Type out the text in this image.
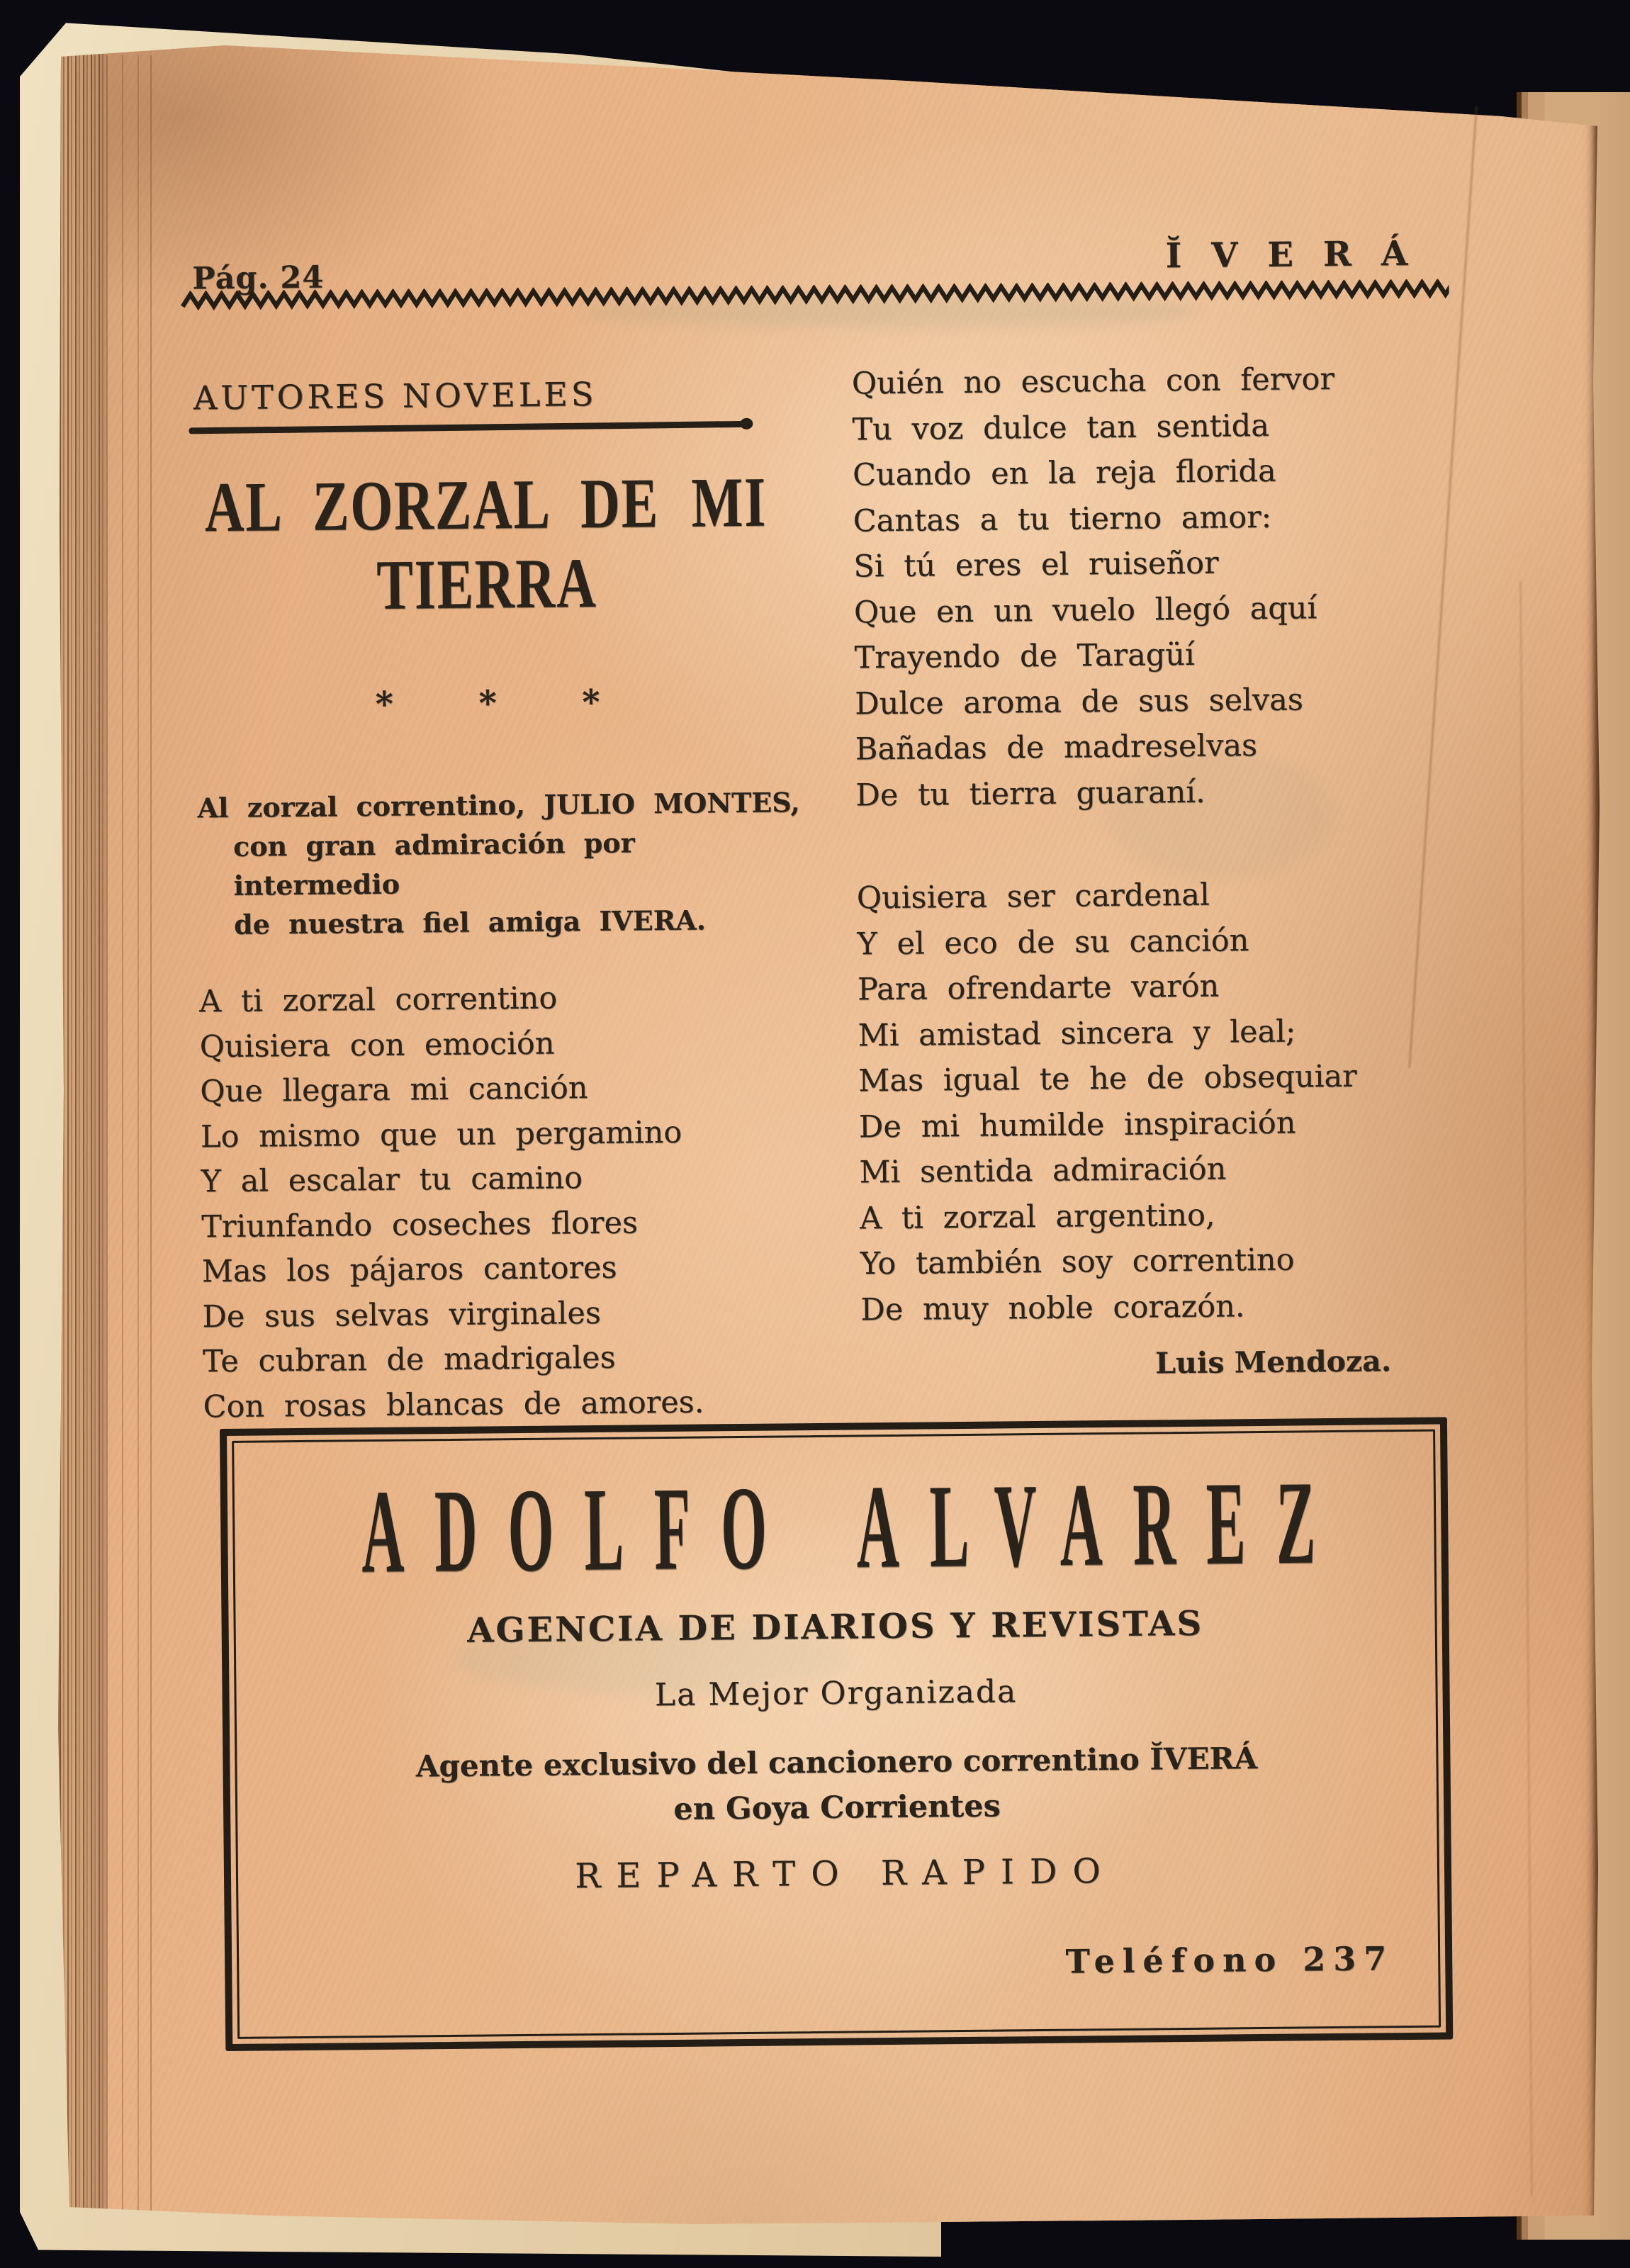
Pág. 24
ĬVERÁ
AUTORES NOVELES
AL ZORZAL DE MI
TIERRA
* * *
Al zorzal correntino, JULIO MONTES,
con gran admiración por intermedio
de nuestra fiel amiga IVERA.
A ti zorzal correntino
Quisiera con emoción
Que llegara mi canción
Lo mismo que un pergamino
Y al escalar tu camino
Triunfando coseches flores
Mas los pájaros cantores
De sus selvas virginales
Te cubran de madrigales
Con rosas blancas de amores.
Quién no escucha con fervor
Tu voz dulce tan sentida
Cuando en la reja florida
Cantas a tu tierno amor:
Si tú eres el ruiseñor
Que en un vuelo llegó aquí
Trayendo de Taragüí
Dulce aroma de sus selvas
Bañadas de madreselvas
De tu tierra guaraní.
Quisiera ser cardenal
Y el eco de su canción
Para ofrendarte varón
Mi amistad sincera y leal;
Mas igual te he de obsequiar
De mi humilde inspiración
Mi sentida admiración
A ti zorzal argentino,
Yo también soy correntino
De muy noble corazón.
Luis Mendoza.
ADOLFO ALVAREZ
AGENCIA DE DIARIOS Y REVISTAS
La Mejor Organizada
Agente exclusivo del cancionero correntino ĬVERÁ
en Goya Corrientes
REPARTO RAPIDO
Teléfono 237
